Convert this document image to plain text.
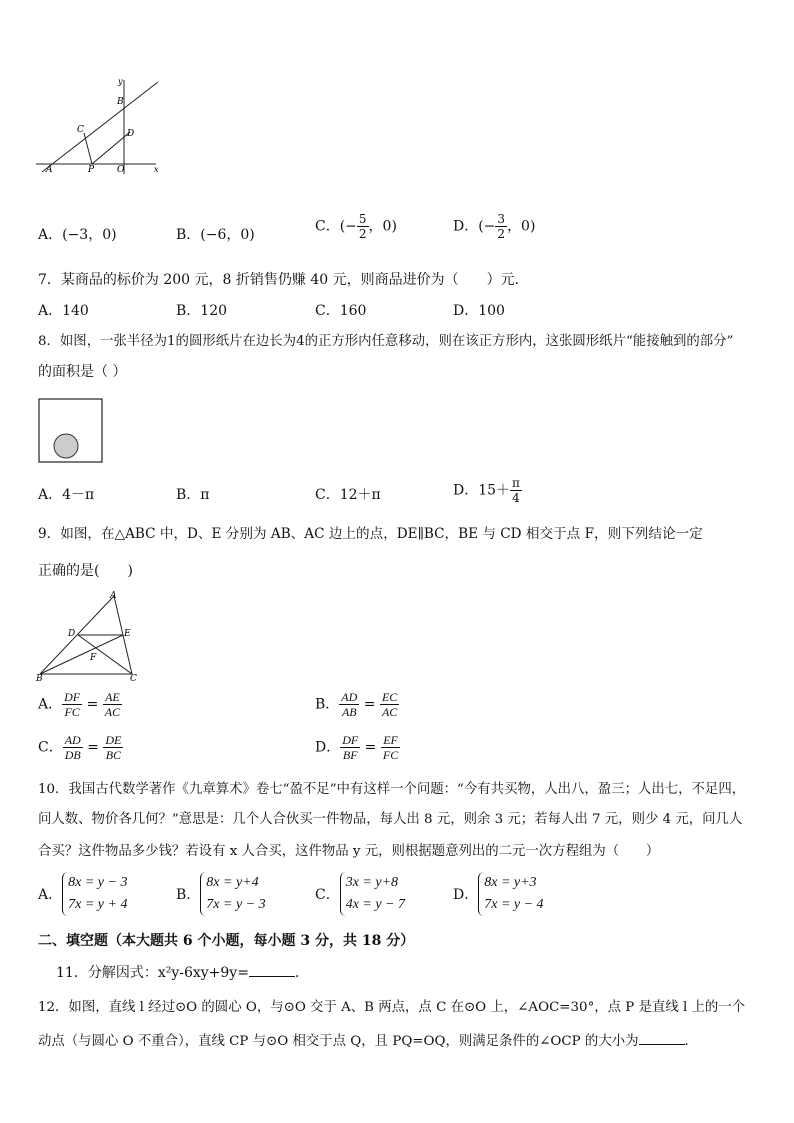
y
B
C	D
A	P	O	x
A．(−3，0)	B．(−6，0)
C．(− $\frac{5}{2}$ ，0)	D．(− $\frac{3}{2}$ ，0)
7．某商品的标价为 200 元，8 折销售仍赚 40 元，则商品进价为（　　）元．
A．140	B．120	C．160	D．100
8．如图，一张半径为1的圆形纸片在边长为4的正方形内任意移动，则在该正方形内，这张圆形纸片“能接触到的部分”
的面积是（ ）
A．4－π	B．π	C．12＋π	D．$15+ \frac{\pi}{4}$
9．如图，在△ABC 中，D、E 分别为 AB、AC 边上的点，DE∥BC，BE 与 CD 相交于点 F，则下列结论一定
正确的是(　　)
A
D	E
F
B	C
A． $\frac{DF}{FC} = \frac{AE}{AC}$	B． $\frac{AD}{AB} = \frac{EC}{AC}$
C． $\frac{AD}{DB} = \frac{DE}{BC}$	D． $\frac{DF}{BF} = \frac{EF}{FC}$
10．我国古代数学著作《九章算术》卷七“盈不足”中有这样一个问题：“今有共买物，人出八，盈三；人出七，不足四，
问人数、物价各几何？”意思是：几个人合伙买一件物品，每人出 8 元，则余 3 元；若每人出 7 元，则少 4 元，问几人
合买？这件物品多少钱？若设有 x 人合买，这件物品 y 元，则根据题意列出的二元一次方程组为（　　）
A．
8x = y − 3
7x = y + 4
B．
8x = y+4
7x = y − 3
C．
3x = y+8
4x = y − 7
D．
8x = y+3
7x = y − 4
二、填空题（本大题共 6 个小题，每小题 3 分，共 18 分）
11．分解因式：x²y-6xy+9y=	．
12．如图，直线 l 经过⊙O 的圆心 O，与⊙O 交于 A、B 两点，点 C 在⊙O 上，∠AOC=30°，点 P 是直线 l 上的一个
动点（与圆心 O 不重合），直线 CP 与⊙O 相交于点 Q，且 PQ=OQ，则满足条件的∠OCP 的大小为	．
